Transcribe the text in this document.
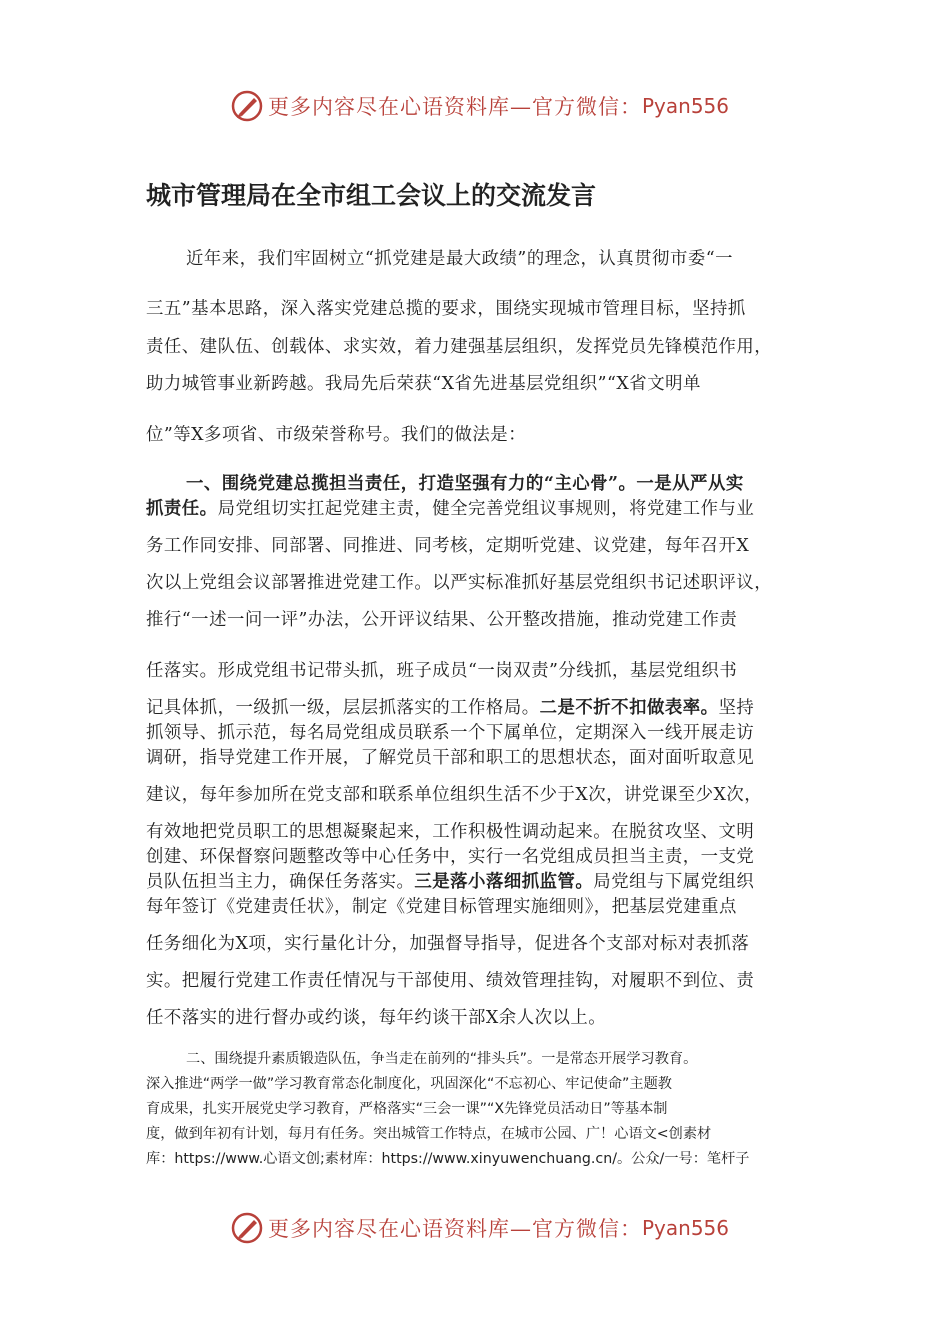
更多内容尽在心语资料库—官方微信： Pyan556
城市管理局在全市组工会议上的交流发言
近年来，我们牢固树立“抓党建是最大政绩”的理念，认真贯彻市委“一
三五”基本思路，深入落实党建总揽的要求，围绕实现城市管理目标，坚持抓
责任、建队伍、创载体、求实效，着力建强基层组织，发挥党员先锋模范作用，
助力城管事业新跨越。我局先后荣获“X省先进基层党组织”“X省文明单
位”等X多项省、市级荣誉称号。我们的做法是：
一、围绕党建总揽担当责任，打造坚强有力的“主心骨”。一是从严从实
抓责任。局党组切实扛起党建主责，健全完善党组议事规则，将党建工作与业
务工作同安排、同部署、同推进、同考核，定期听党建、议党建，每年召开X
次以上党组会议部署推进党建工作。以严实标准抓好基层党组织书记述职评议，
推行“一述一问一评”办法，公开评议结果、公开整改措施，推动党建工作责
任落实。形成党组书记带头抓，班子成员“一岗双责”分线抓，基层党组织书
记具体抓，一级抓一级，层层抓落实的工作格局。二是不折不扣做表率。坚持
抓领导、抓示范，每名局党组成员联系一个下属单位，定期深入一线开展走访
调研，指导党建工作开展，了解党员干部和职工的思想状态，面对面听取意见
建议，每年参加所在党支部和联系单位组织生活不少于X次，讲党课至少X次，
有效地把党员职工的思想凝聚起来，工作积极性调动起来。在脱贫攻坚、文明
创建、环保督察问题整改等中心任务中，实行一名党组成员担当主责，一支党
员队伍担当主力，确保任务落实。三是落小落细抓监管。局党组与下属党组织
每年签订《党建责任状》，制定《党建目标管理实施细则》，把基层党建重点
任务细化为X项，实行量化计分，加强督导指导，促进各个支部对标对表抓落
实。把履行党建工作责任情况与干部使用、绩效管理挂钩，对履职不到位、责
任不落实的进行督办或约谈，每年约谈干部X余人次以上。
二、围绕提升素质锻造队伍，争当走在前列的“排头兵”。一是常态开展学习教育。
深入推进“两学一做”学习教育常态化制度化，巩固深化“不忘初心、牢记使命”主题教
育成果，扎实开展党史学习教育，严格落实“三会一课”“X先锋党员活动日”等基本制
度，做到年初有计划，每月有任务。突出城管工作特点，在城市公园、广！心语文<创素材
库：https://www.心语文创;素材库：https://www.xinyuwenchuang.cn/。公众/一号：笔杆子
更多内容尽在心语资料库—官方微信： Pyan556
